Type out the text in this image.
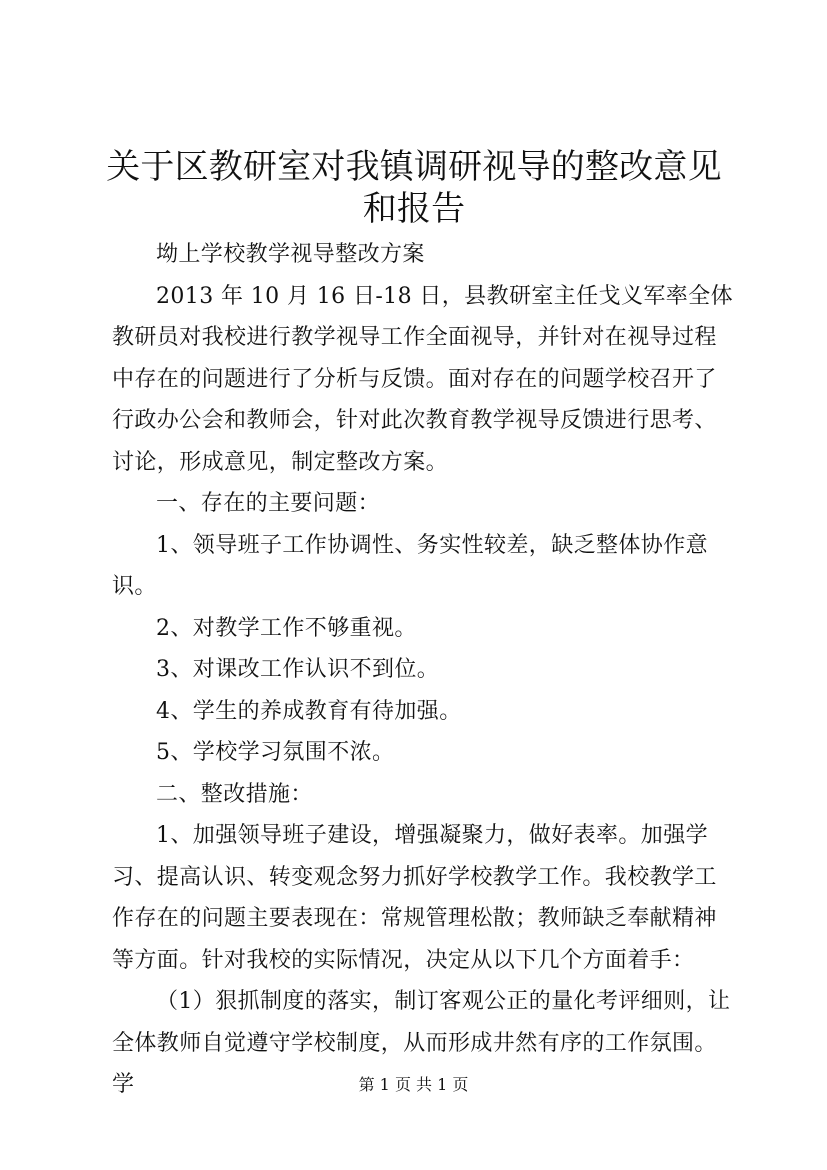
关于区教研室对我镇调研视导的整改意见和报告

坳上学校教学视导整改方案

2013 年 10 月 16 日-18 日，县教研室主任戈义军率全体教研员对我校进行教学视导工作全面视导，并针对在视导过程中存在的问题进行了分析与反馈。面对存在的问题学校召开了行政办公会和教师会，针对此次教育教学视导反馈进行思考、讨论，形成意见，制定整改方案。

一、存在的主要问题：

1、领导班子工作协调性、务实性较差，缺乏整体协作意识。

2、对教学工作不够重视。

3、对课改工作认识不到位。

4、学生的养成教育有待加强。

5、学校学习氛围不浓。

二、整改措施：

1、加强领导班子建设，增强凝聚力，做好表率。加强学习、提高认识、转变观念努力抓好学校教学工作。我校教学工作存在的问题主要表现在：常规管理松散；教师缺乏奉献精神等方面。针对我校的实际情况，决定从以下几个方面着手：

（1）狠抓制度的落实，制订客观公正的量化考评细则，让全体教师自觉遵守学校制度，从而形成井然有序的工作氛围。学	第 1 页 共 1 页
